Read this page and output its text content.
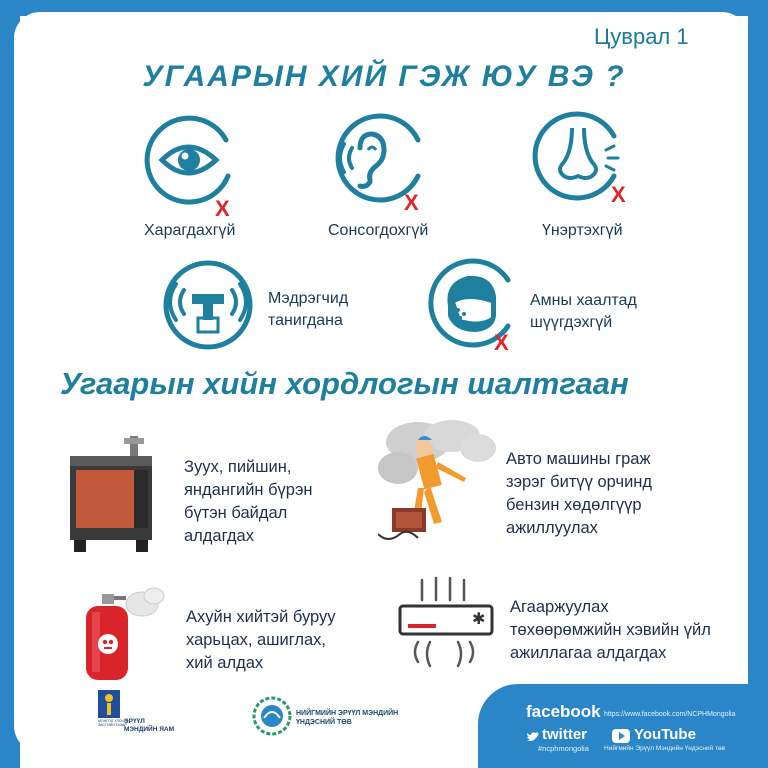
Цуврал 1
УГААРЫН ХИЙ ГЭЖ ЮУ ВЭ ?
X
Харагдахгүй
X
Сонсогдохгүй
X
Үнэртэхгүй
Мэдрэгчид
танигдана
X
Амны хаалтад
шүүгдэхгүй
Угаарын хийн хордлогын шалтгаан
Зуух, пийшин,
яндангийн бүрэн
бүтэн байдал
алдагдах
Авто машины граж
зэрэг битүү орчинд
бензин хөдөлгүүр
ажиллуулах
Ахуйн хийтэй буруу
харьцах, ашиглах,
хий алдах
✱
Агааржуулах
төхөөрөмжийн хэвийн үйл
ажиллагаа алдагдах
МОНГОЛ УЛСЫН
ЗАСГИЙН ГАЗАР
ЭРҮҮЛ
МЭНДИЙН ЯАМ
НИЙГМИЙН ЭРҮҮЛ МЭНДИЙН
ҮНДЭСНИЙ ТӨВ
facebook https://www.facebook.com/NCPHMongolia
twitter
#ncphmongolia
YouTube
Нийгмийн Эрүүл Мэндийн Үндэсний төв
